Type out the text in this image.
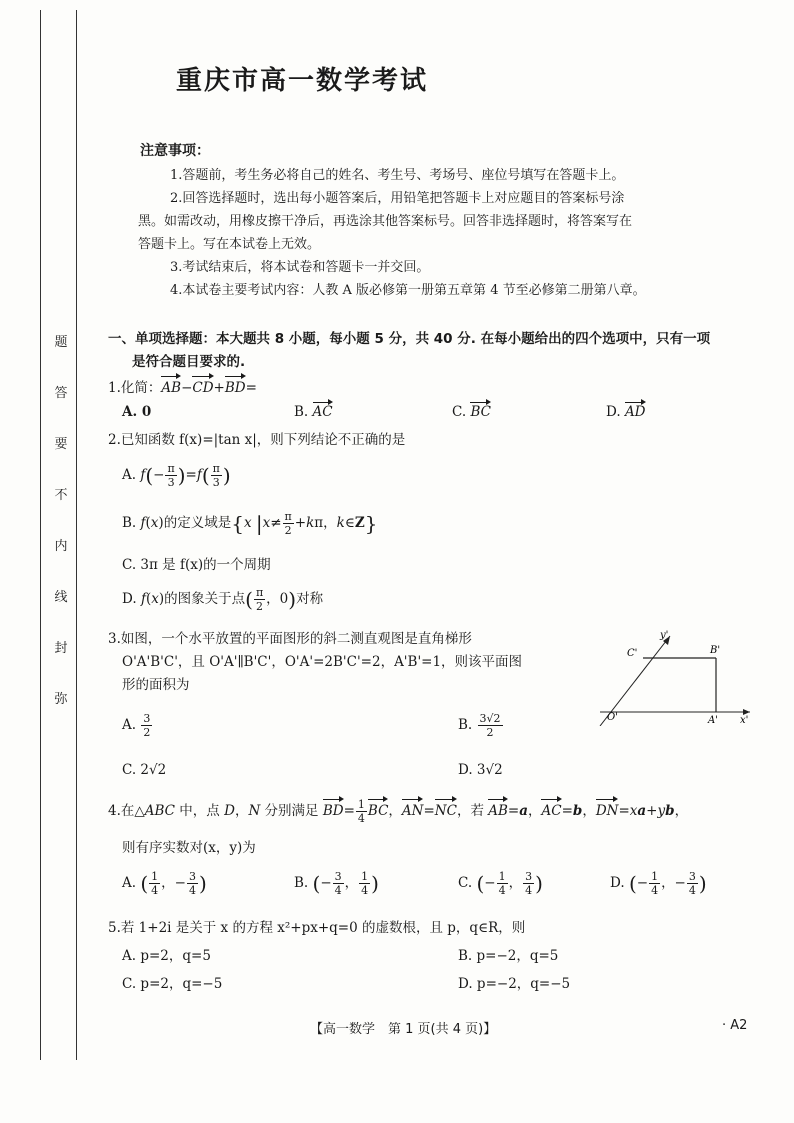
题
答
要
不
内
线
封
弥
重庆市高一数学考试
注意事项：

1.答题前，考生务必将自己的姓名、考生号、考场号、座位号填写在答题卡上。

2.回答选择题时，选出每小题答案后，用铅笔把答题卡上对应题目的答案标号涂

黑。如需改动，用橡皮擦干净后，再选涂其他答案标号。回答非选择题时，将答案写在

答题卡上。写在本试卷上无效。

3.考试结束后，将本试卷和答题卡一并交回。

4.本试卷主要考试内容：人教 A 版必修第一册第五章第 4 节至必修第二册第八章。

一、单项选择题：本大题共 8 小题，每小题 5 分，共 40 分. 在每小题给出的四个选项中，只有一项
是符合题目要求的.
1.化简：AB−CD+BD=
A. 0	B. AC	C. BC	D. AD
2.已知函数 f(x)=|tan x|，则下列结论不正确的是
A. $f(- \frac{\pi}{3} )=f( \frac{\pi}{3}$ )
B. f(x)的定义域是{x $|x\ne \frac{\pi}{2} +k\pi$，k∈Z}
C. 3π 是 f(x)的一个周期
D. f(x)的图象关于点( $\frac{\pi}{2}$ ，0)对称
3.如图，一个水平放置的平面图形的斜二测直观图是直角梯形
O'A'B'C'，且 O'A'∥B'C'，O'A'=2B'C'=2，A'B'=1，则该平面图
形的面积为
A. $\frac{3}{2}$	B. $\frac{3√2}{2}$
C. 2√2	D. 3√2
4.在△ABC 中，点 D，N 分别满足 $BD= \frac{1}{4}$ BC，AN=NC，若 AB=a，AC=b，DN=xa+yb，
则有序实数对(x，y)为
A. ( $\frac{1}{4}$ ，− $\frac{3}{4}$ )	B. (− $\frac{3}{4}$ ， $\frac{1}{4}$ )	C. (− $\frac{1}{4}$ ， $\frac{3}{4}$ )	D. (− $\frac{1}{4}$ ，− $\frac{3}{4}$ )
5.若 1+2i 是关于 x 的方程 x²+px+q=0 的虚数根，且 p，q∈R，则
A. p=2，q=5	B. p=−2，q=5
C. p=2，q=−5	D. p=−2，q=−5
y'
C'	B'
O'	A' x'
【高一数学　第 1 页(共 4 页)】	· A2
